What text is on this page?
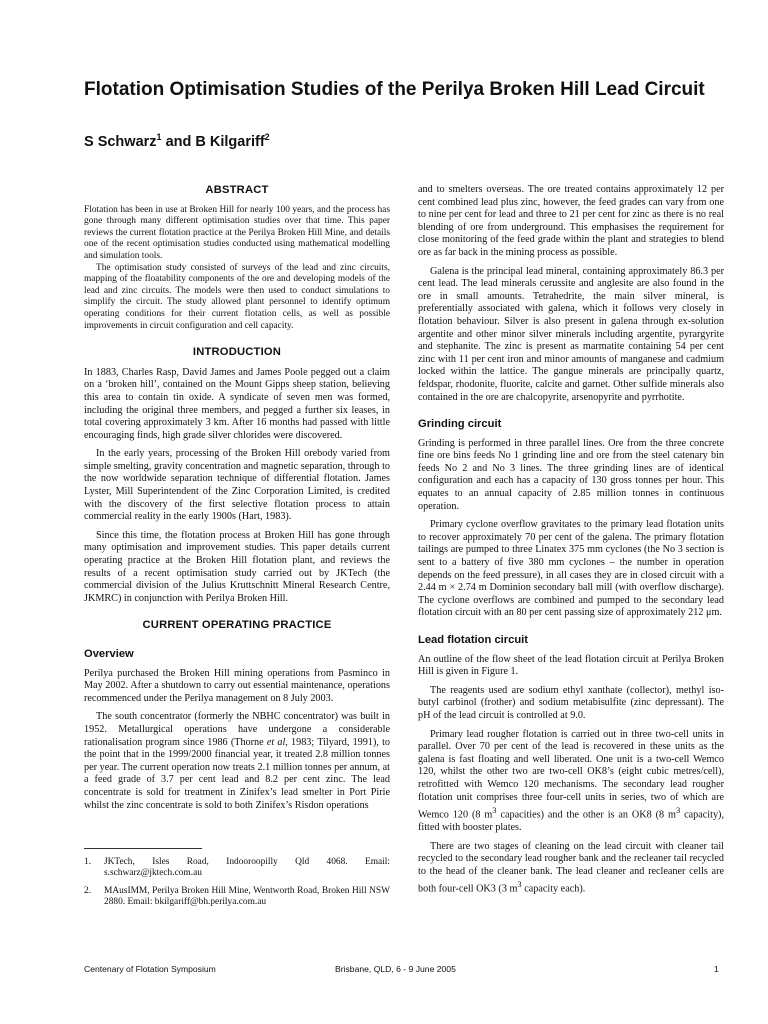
Flotation Optimisation Studies of the Perilya Broken Hill Lead Circuit
S Schwarz$^1$ and B Kilgariff$^2$
ABSTRACT

Flotation has been in use at Broken Hill for nearly 100 years, and the process has gone through many different optimisation studies over that time. This paper reviews the current flotation practice at the Perilya Broken Hill Mine, and details one of the recent optimisation studies conducted using mathematical modelling and simulation tools.

The optimisation study consisted of surveys of the lead and zinc circuits, mapping of the floatability components of the ore and developing models of the lead and zinc circuits. The models were then used to conduct simulations to simplify the circuit. The study allowed plant personnel to identify optimum operating conditions for their current flotation cells, as well as possible improvements in circuit configuration and cell capacity.

INTRODUCTION

In 1883, Charles Rasp, David James and James Poole pegged out a claim on a ‘broken hill’, contained on the Mount Gipps sheep station, believing this area to contain tin oxide. A syndicate of seven men was formed, including the original three members, and pegged a further six leases, in total covering approximately 3 km. After 16 months had passed with little encouraging finds, high grade silver chlorides were discovered.

In the early years, processing of the Broken Hill orebody varied from simple smelting, gravity concentration and magnetic separation, through to the now worldwide separation technique of differential flotation. James Lyster, Mill Superintendent of the Zinc Corporation Limited, is credited with the discovery of the first selective flotation process to attain commercial reality in the early 1900s (Hart, 1983).

Since this time, the flotation process at Broken Hill has gone through many optimisation and improvement studies. This paper details current operating practice at the Broken Hill flotation plant, and reviews the results of a recent optimisation study carried out by JKTech (the commercial division of the Julius Kruttschnitt Mineral Research Centre, JKMRC) in conjunction with Perilya Broken Hill.

CURRENT OPERATING PRACTICE
Overview

Perilya purchased the Broken Hill mining operations from Pasminco in May 2002. After a shutdown to carry out essential maintenance, operations recommenced under the Perilya management on 8 July 2003.

The south concentrator (formerly the NBHC concentrator) was built in 1952. Metallurgical operations have undergone a considerable rationalisation program since 1986 (Thorne et al, 1983; Tilyard, 1991), to the point that in the 1999/2000 financial year, it treated 2.8 million tonnes per year. The current operation now treats 2.1 million tonnes per annum, at a feed grade of 3.7 per cent lead and 8.2 per cent zinc. The lead concentrate is sold for treatment in Zinifex’s lead smelter in Port Pirie whilst the zinc concentrate is sold to both Zinifex’s Risdon operations

1.	JKTech, Isles Road, Indooroopilly Qld 4068. Email: s.schwarz@jktech.com.au
2.	MAusIMM, Perilya Broken Hill Mine, Wentworth Road, Broken Hill NSW 2880. Email: bkilgariff@bh.perilya.com.au

and to smelters overseas. The ore treated contains approximately 12 per cent combined lead plus zinc, however, the feed grades can vary from one to nine per cent for lead and three to 21 per cent for zinc as there is no real blending of ore from underground. This emphasises the requirement for close monitoring of the feed grade within the plant and strategies to blend ore as far back in the mining process as possible.

Galena is the principal lead mineral, containing approximately 86.3 per cent lead. The lead minerals cerussite and anglesite are also found in the ore in small amounts. Tetrahedrite, the main silver mineral, is preferentially associated with galena, which it follows very closely in flotation behaviour. Silver is also present in galena through ex-solution argentite and other minor silver minerals including argentite, pyrargyrite and stephanite. The zinc is present as marmatite containing 54 per cent zinc with 11 per cent iron and minor amounts of manganese and cadmium locked within the lattice. The gangue minerals are principally quartz, feldspar, rhodonite, fluorite, calcite and garnet. Other sulfide minerals also contained in the ore are chalcopyrite, arsenopyrite and pyrrhotite.

Grinding circuit

Grinding is performed in three parallel lines. Ore from the three concrete fine ore bins feeds No 1 grinding line and ore from the steel catenary bin feeds No 2 and No 3 lines. The three grinding lines are of identical configuration and each has a capacity of 130 gross tonnes per hour. This equates to an annual capacity of 2.85 million tonnes in continuous operation.

Primary cyclone overflow gravitates to the primary lead flotation units to recover approximately 70 per cent of the galena. The primary flotation tailings are pumped to three Linatex 375 mm cyclones (the No 3 section is sent to a battery of five 380 mm cyclones – the number in operation depends on the feed pressure), in all cases they are in closed circuit with a 2.44 m × 2.74 m Dominion secondary ball mill (with overflow discharge). The cyclone overflows are combined and pumped to the secondary lead flotation circuit with an 80 per cent passing size of approximately 212 μm.

Lead flotation circuit

An outline of the flow sheet of the lead flotation circuit at Perilya Broken Hill is given in Figure 1.

The reagents used are sodium ethyl xanthate (collector), methyl iso-butyl carbinol (frother) and sodium metabisulfite (zinc depressant). The pH of the lead circuit is controlled at 9.0.

Primary lead rougher flotation is carried out in three two-cell units in parallel. Over 70 per cent of the lead is recovered in these units as the galena is fast floating and well liberated. One unit is a two-cell Wemco 120, whilst the other two are two-cell OK8’s (eight cubic metres/cell), retrofitted with Wemco 120 mechanisms. The secondary lead rougher flotation unit comprises three four-cell units in series, two of which are Wemco 120 (8 $m^3$ capacities) and the other is an OK8 (8 $m^3$ capacity), fitted with booster plates.

There are two stages of cleaning on the lead circuit with cleaner tail recycled to the secondary lead rougher bank and the recleaner tail recycled to the head of the cleaner bank. The lead cleaner and recleaner cells are both four-cell OK3 (3 $m^3$ capacity each).

Centenary of Flotation Symposium	Brisbane, QLD, 6 - 9 June 2005	1
